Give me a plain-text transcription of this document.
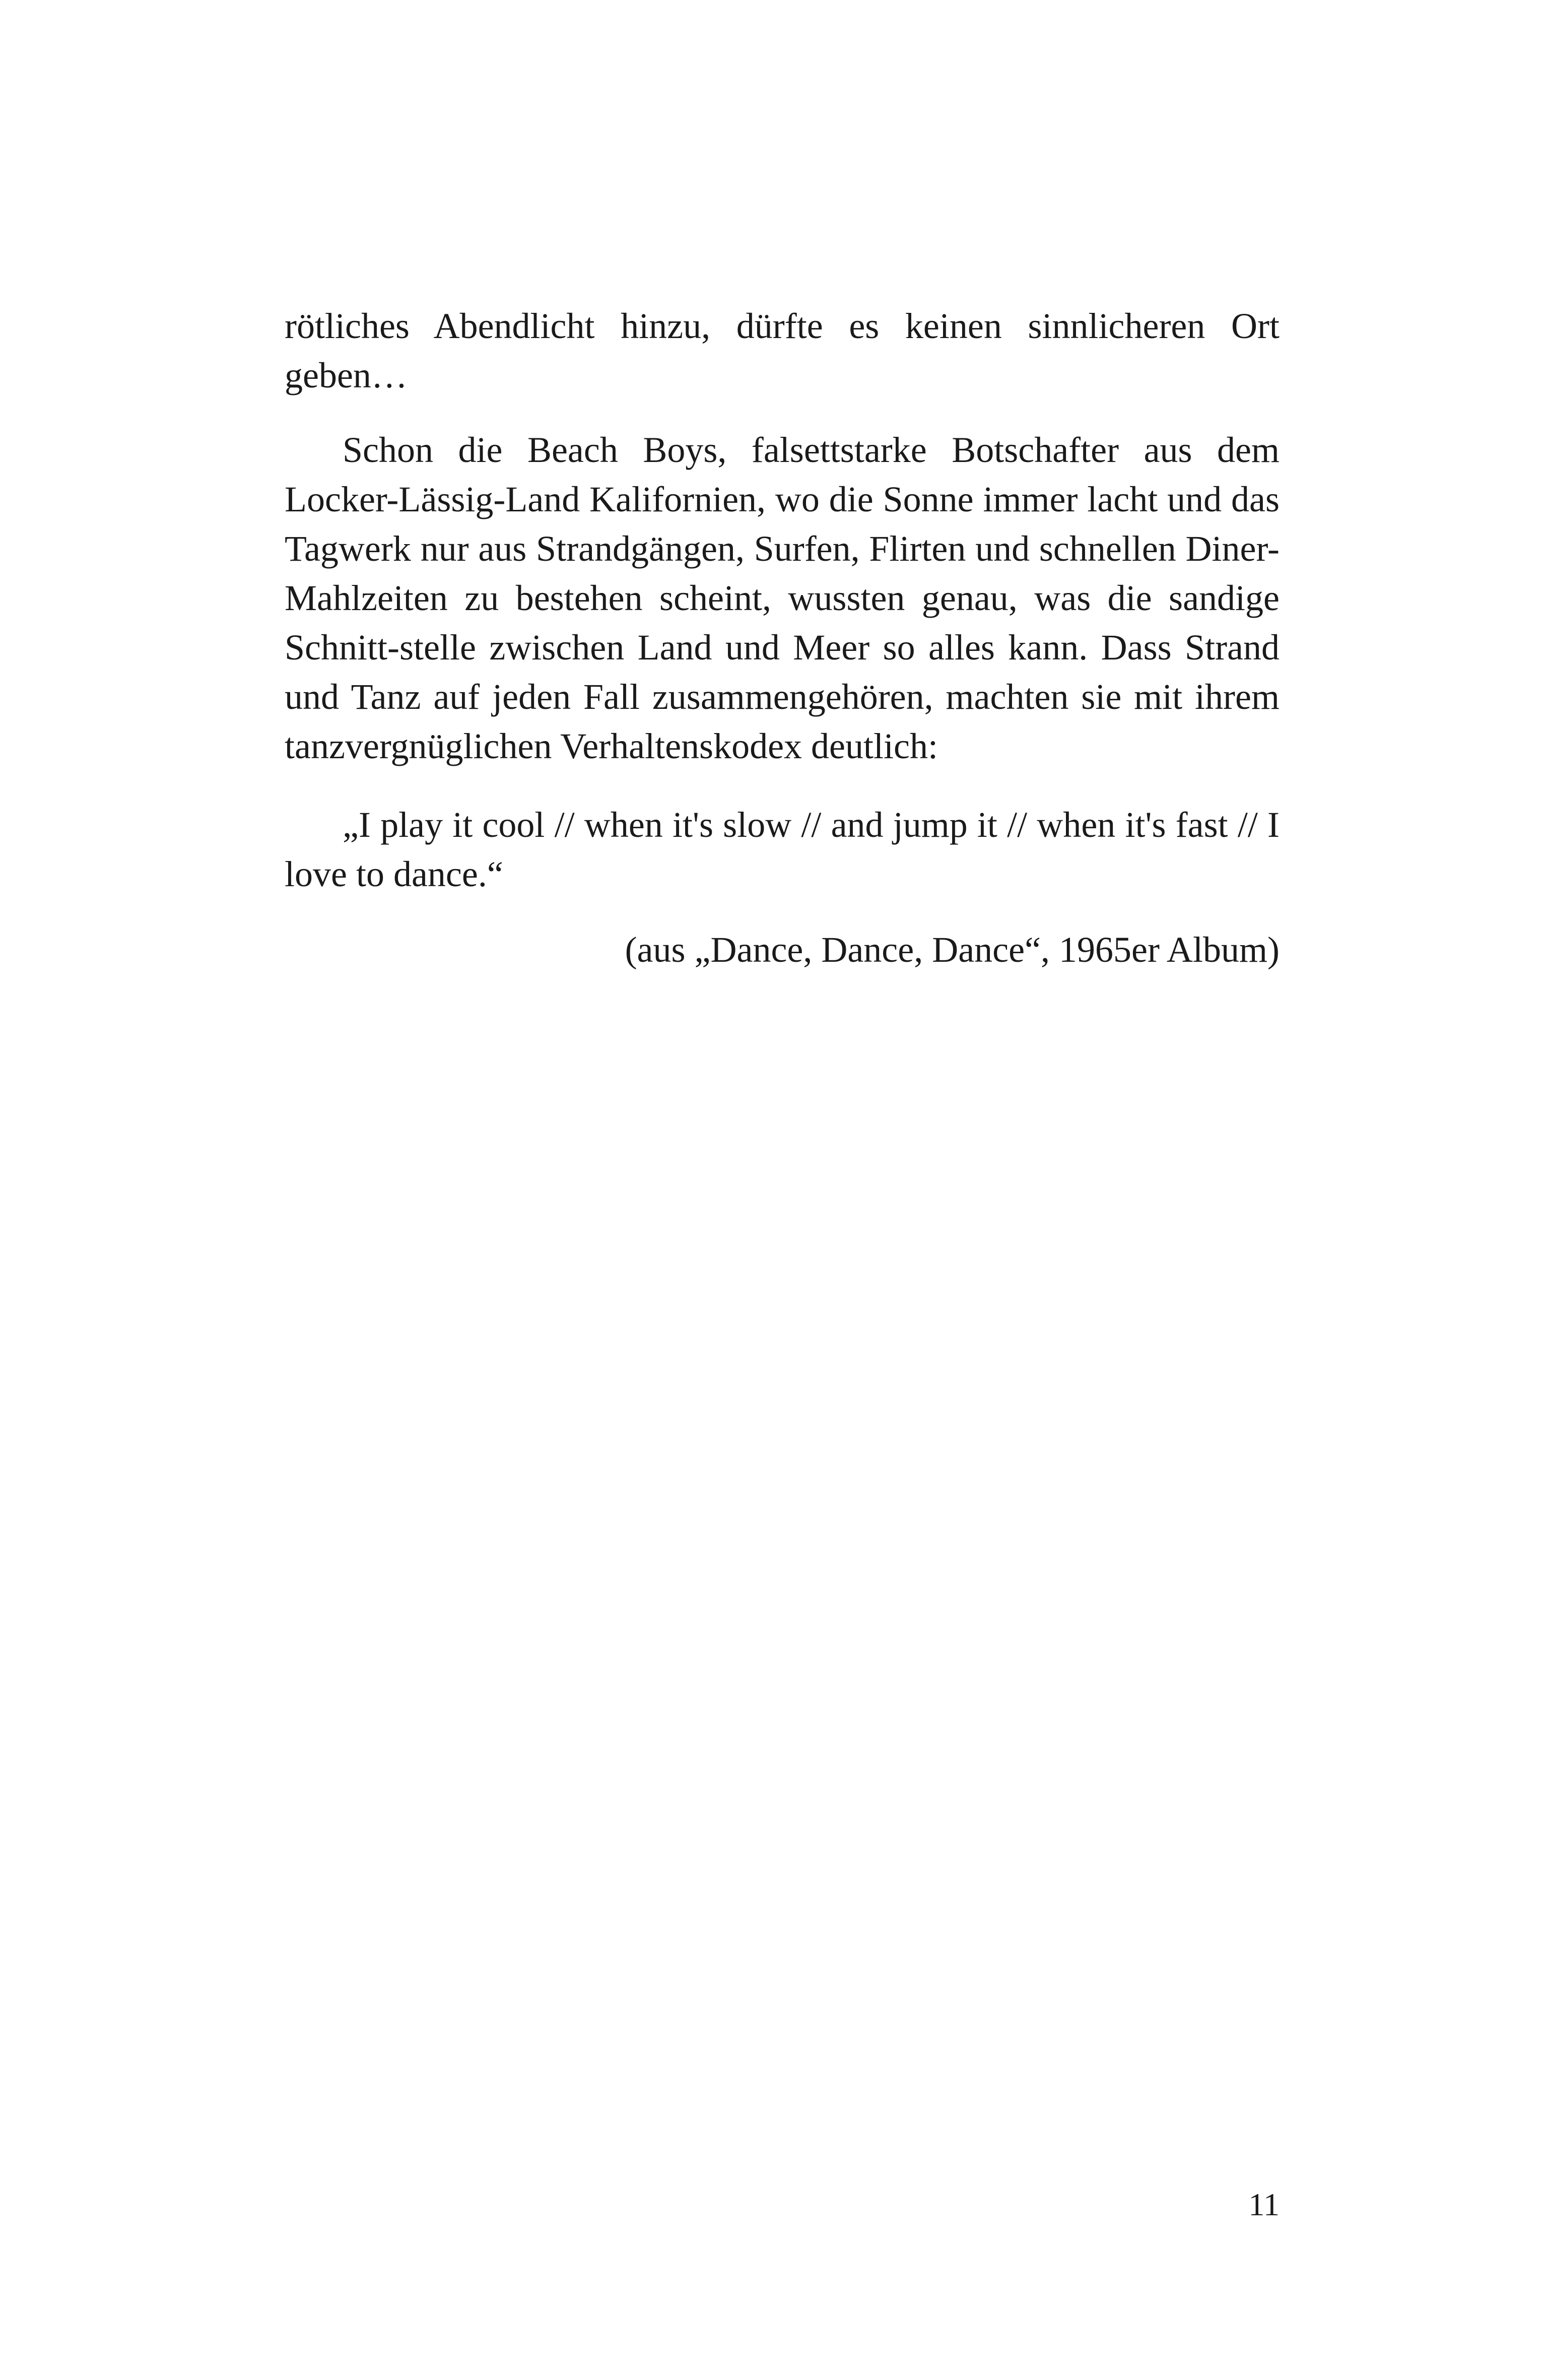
rötliches Abendlicht hinzu, dürfte es keinen sinnlicheren Ort geben…

Schon die Beach Boys, falsettstarke Botschafter aus dem Locker-Lässig-Land Kalifornien, wo die Sonne immer lacht und das Tagwerk nur aus Strandgängen, Surfen, Flirten und schnellen Diner-Mahlzeiten zu bestehen scheint, wussten genau, was die sandige Schnitt-stelle zwischen Land und Meer so alles kann. Dass Strand und Tanz auf jeden Fall zusammengehören, machten sie mit ihrem tanzvergnüglichen Verhaltenskodex deutlich:

„I play it cool // when it's slow // and jump it // when it's fast // I love to dance.“

(aus „Dance, Dance, Dance“, 1965er Album)

11
